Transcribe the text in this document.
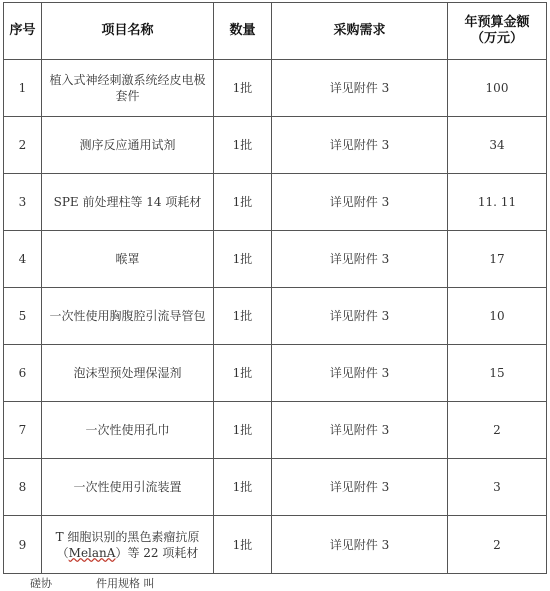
序号	项目名称	数量	采购需求	年预算金额
（万元）
1	植入式神经刺激系统经皮电极套件	1批	详见附件 3	100
2	测序反应通用试剂	1批	详见附件 3	34
3	SPE 前处理柱等 14 项耗材	1批	详见附件 3	11. 11
4	喉罩	1批	详见附件 3	17
5	一次性使用胸腹腔引流导管包	1批	详见附件 3	10
6	泡沫型预处理保湿剂	1批	详见附件 3	15
7	一次性使用孔巾	1批	详见附件 3	2
8	一次性使用引流装置	1批	详见附件 3	3
9	T 细胞识别的黑色素瘤抗原（MelanA）等 22 项耗材	1批	详见附件 3	2
磋协　　　　件用规格 叫
